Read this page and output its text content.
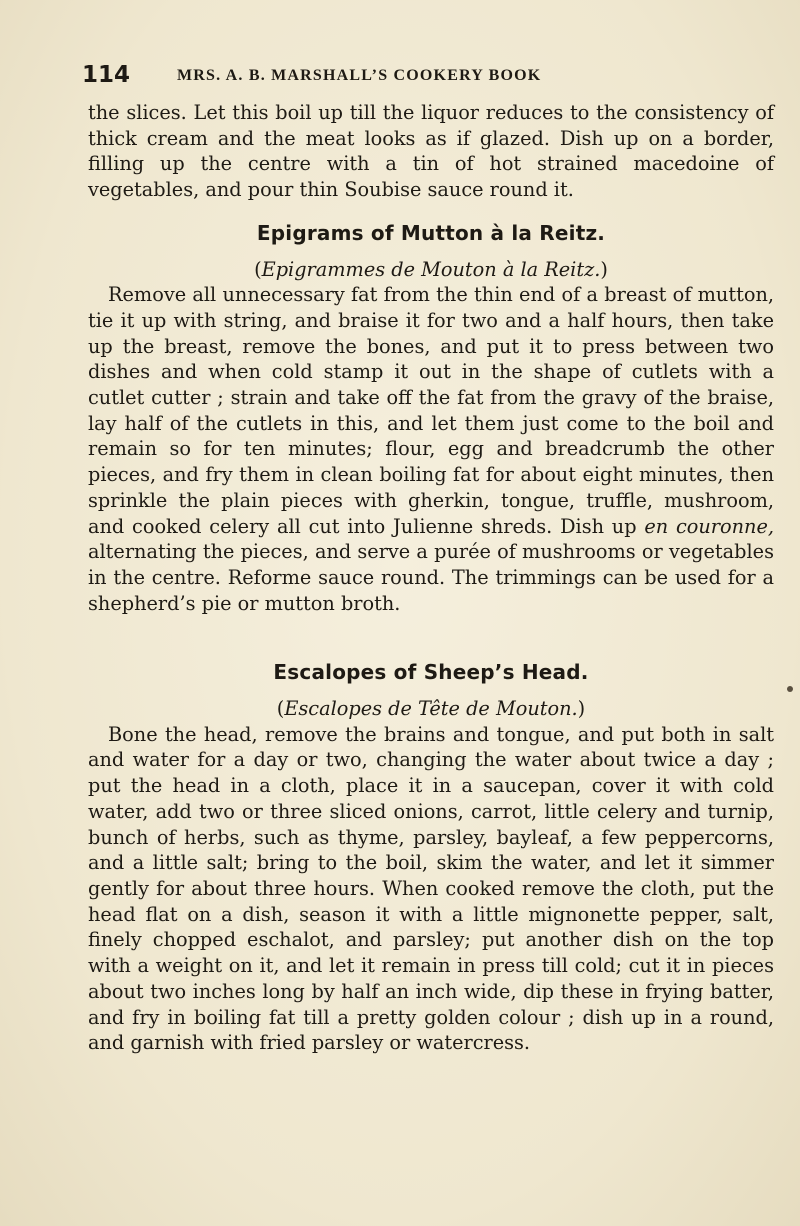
114	MRS. A. B. MARSHALL’S COOKERY BOOK

the slices. Let this boil up till the liquor reduces to the consistency of thick cream and the meat looks as if glazed. Dish up on a border, filling up the centre with a tin of hot strained macedoine of vegetables, and pour thin Soubise sauce round it.

Epigrams of Mutton à la Reitz.

(Epigrammes de Mouton à la Reitz.)

Remove all unnecessary fat from the thin end of a breast of mutton, tie it up with string, and braise it for two and a half hours, then take up the breast, remove the bones, and put it to press between two dishes and when cold stamp it out in the shape of cutlets with a cutlet cutter ; strain and take off the fat from the gravy of the braise, lay half of the cutlets in this, and let them just come to the boil and remain so for ten minutes; flour, egg and breadcrumb the other pieces, and fry them in clean boiling fat for about eight minutes, then sprinkle the plain pieces with gherkin, tongue, truffle, mushroom, and cooked celery all cut into Julienne shreds. Dish up en couronne, alternating the pieces, and serve a purée of mushrooms or vegetables in the centre. Reforme sauce round. The trimmings can be used for a shepherd’s pie or mutton broth.

Escalopes of Sheep’s Head.

(Escalopes de Tête de Mouton.)

Bone the head, remove the brains and tongue, and put both in salt and water for a day or two, changing the water about twice a day ; put the head in a cloth, place it in a saucepan, cover it with cold water, add two or three sliced onions, carrot, little celery and turnip, bunch of herbs, such as thyme, parsley, bayleaf, a few peppercorns, and a little salt; bring to the boil, skim the water, and let it simmer gently for about three hours. When cooked remove the cloth, put the head flat on a dish, season it with a little mignonette pepper, salt, finely chopped eschalot, and parsley; put another dish on the top with a weight on it, and let it remain in press till cold; cut it in pieces about two inches long by half an inch wide, dip these in frying batter, and fry in boiling fat till a pretty golden colour ; dish up in a round, and garnish with fried parsley or watercress.
